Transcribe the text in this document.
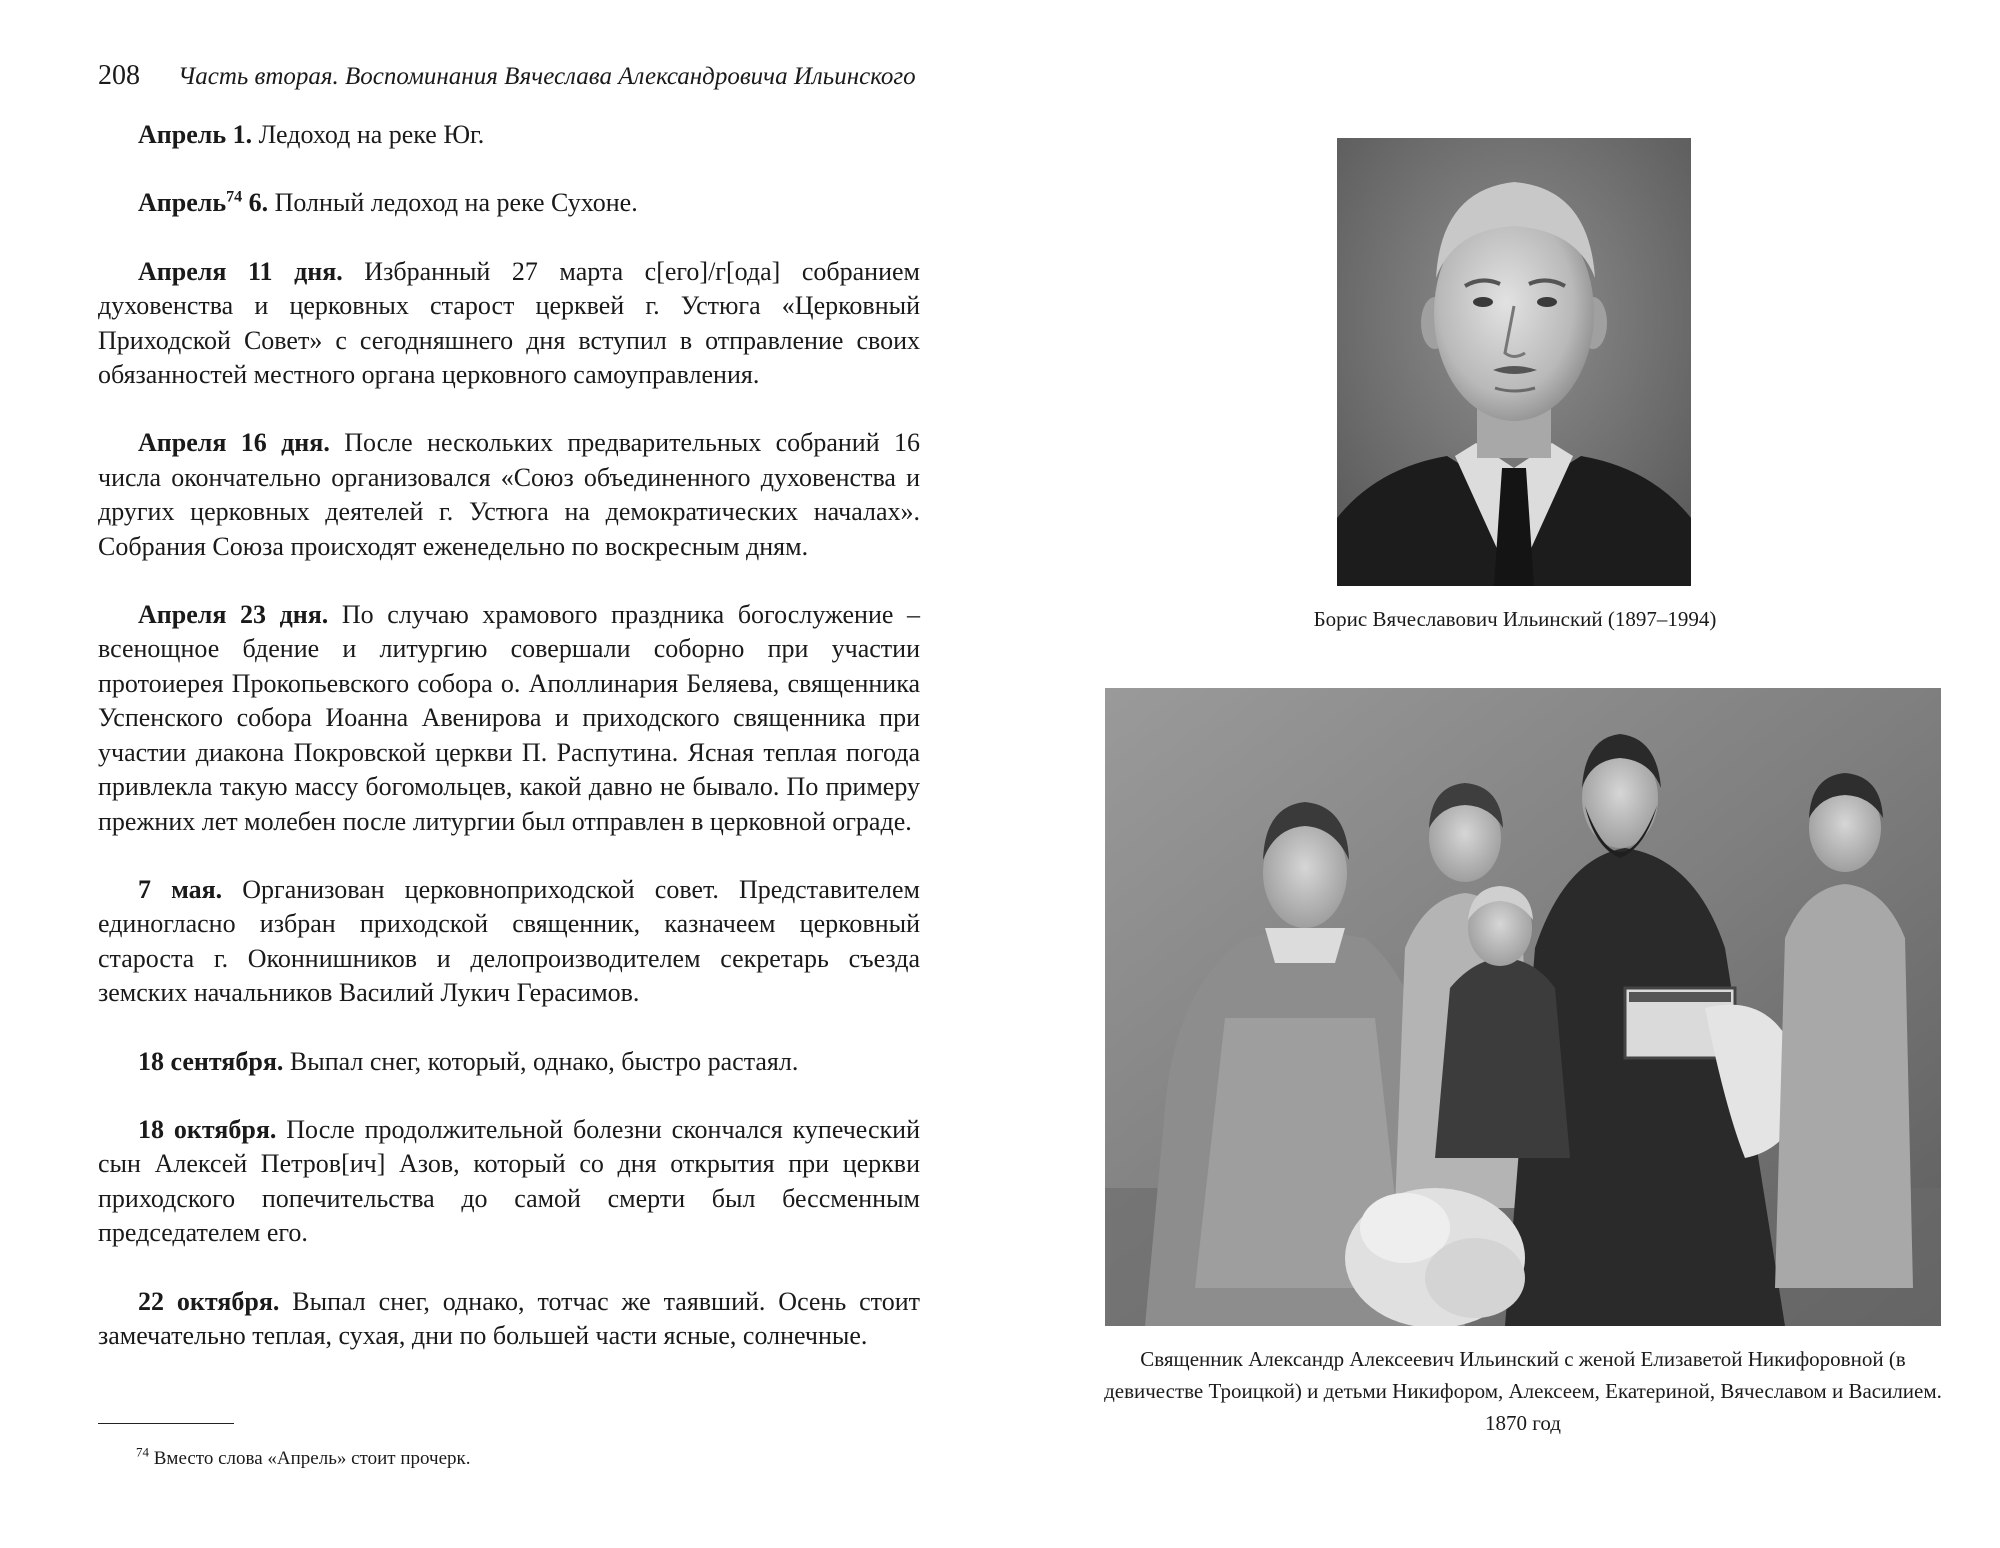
208 Часть вторая. Воспоминания Вячеслава Александровича Ильинского

Апрель 1. Ледоход на реке Юг.

Апрель$^{74}$ 6. Полный ледоход на реке Сухоне.

Апреля 11 дня. Избранный 27 марта с[его]/г[ода] собранием духовенства и церковных старост церквей г. Устюга «Церковный Приходской Совет» с сегодняшнего дня вступил в отправление своих обязанностей местного органа церковного самоуправления.

Апреля 16 дня. После нескольких предварительных собраний 16 числа окончательно организовался «Союз объединенного духовенства и других церковных деятелей г. Устюга на демократических началах». Собрания Союза происходят еженедельно по воскресным дням.

Апреля 23 дня. По случаю храмового праздника богослужение – всенощное бдение и литургию совершали соборно при участии протоиерея Прокопьевского собора о. Аполлинария Беляева, священника Успенского собора Иоанна Авенирова и приходского священника при участии диакона Покровской церкви П. Распутина. Ясная теплая погода привлекла такую массу богомольцев, какой давно не бывало. По примеру прежних лет молебен после литургии был отправлен в церковной ограде.

7 мая. Организован церковноприходской совет. Представителем единогласно избран приходской священник, казначеем церковный староста г. Оконнишников и делопроизводителем секретарь съезда земских начальников Василий Лукич Герасимов.

18 сентября. Выпал снег, который, однако, быстро растаял.

18 октября. После продолжительной болезни скончался купеческий сын Алексей Петров[ич] Азов, который со дня открытия при церкви приходского попечительства до самой смерти был бессменным председателем его.

22 октября. Выпал снег, однако, тотчас же таявший. Осень стоит замечательно теплая, сухая, дни по большей части ясные, солнечные.

$^{74}$ Вместо слова «Апрель» стоит прочерк.
Борис Вячеславович Ильинский (1897–1994)
Священник Александр Алексеевич Ильинский с женой Елизаветой Никифоровной (в девичестве Троицкой) и детьми Никифором, Алексеем, Екатериной, Вячеславом и Василием. 1870 год
